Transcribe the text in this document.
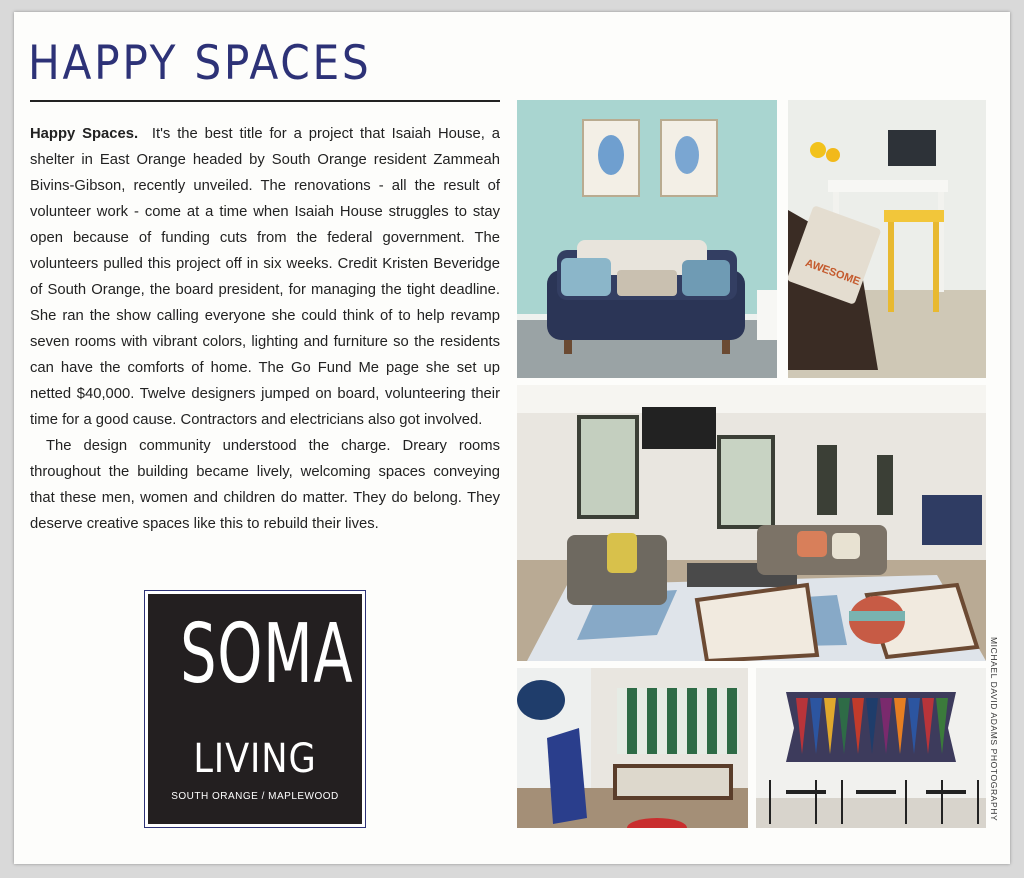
HAPPY SPACES

Happy Spaces. It's the best title for a project that Isaiah House, a shelter in East Orange headed by South Orange resident Zammeah Bivins-Gibson, recently unveiled. The renovations - all the result of volunteer work - come at a time when Isaiah House struggles to stay open because of funding cuts from the federal government. The volunteers pulled this project off in six weeks. Credit Kristen Beveridge of South Orange, the board president, for managing the tight deadline. She ran the show calling everyone she could think of to help revamp seven rooms with vibrant colors, lighting and furniture so the residents can have the comforts of home. The Go Fund Me page she set up netted $40,000. Twelve designers jumped on board, volunteering their time for a good cause. Contractors and electricians also got involved.

The design community understood the charge. Dreary rooms throughout the building became lively, welcoming spaces conveying that these men, women and children do matter. They do belong. They deserve creative spaces like this to rebuild their lives.

SOMA
LIVING
SOUTH ORANGE / MAPLEWOOD
AWESOME
MICHAEL DAVID ADAMS PHOTOGRAPHY
